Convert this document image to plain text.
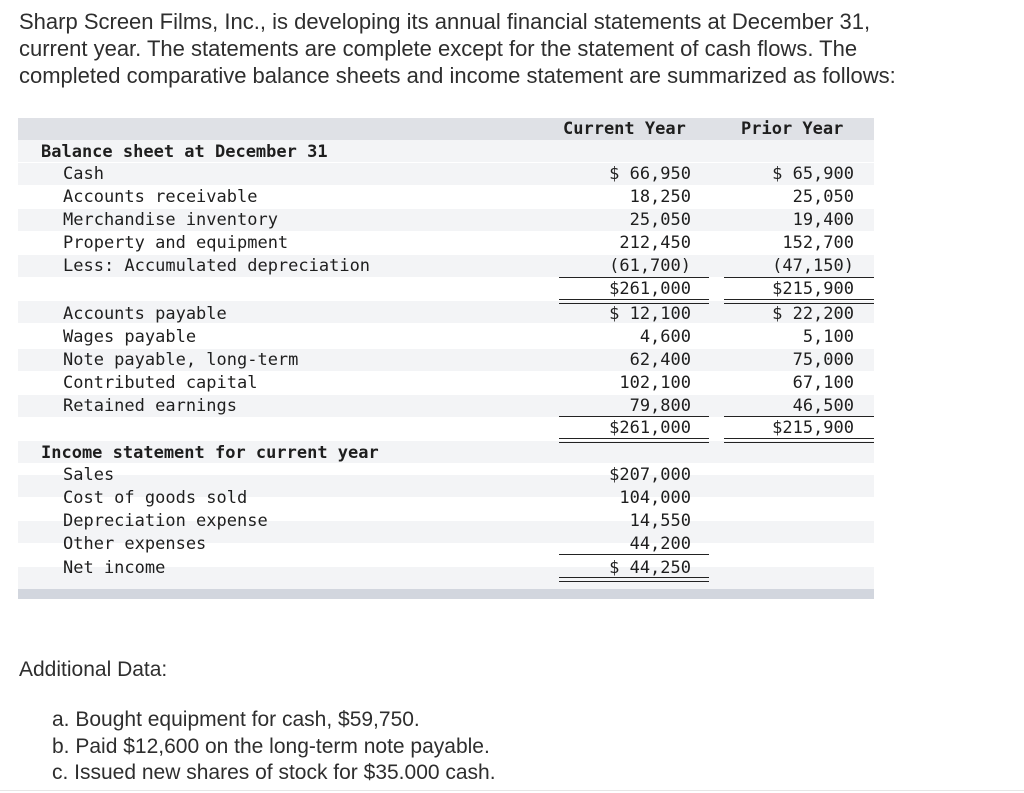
Sharp Screen Films, Inc., is developing its annual financial statements at December 31,
current year. The statements are complete except for the statement of cash flows. The
completed comparative balance sheets and income statement are summarized as follows:
Current Year	Prior Year
Balance sheet at December 31
Cash	$ 66,950	$ 65,900
Accounts receivable	18,250	25,050
Merchandise inventory	25,050	19,400
Property and equipment	212,450	152,700
Less: Accumulated depreciation	(61,700)	(47,150)
$261,000	$215,900
Accounts payable	$ 12,100	$ 22,200
Wages payable	4,600	5,100
Note payable, long-term	62,400	75,000
Contributed capital	102,100	67,100
Retained earnings	79,800	46,500
$261,000	$215,900
Income statement for current year
Sales	$207,000
Cost of goods sold	104,000
Depreciation expense	14,550
Other expenses	44,200
Net income	$ 44,250
Additional Data:
a. Bought equipment for cash, $59,750.
b. Paid $12,600 on the long-term note payable.
c. Issued new shares of stock for $35.000 cash.
